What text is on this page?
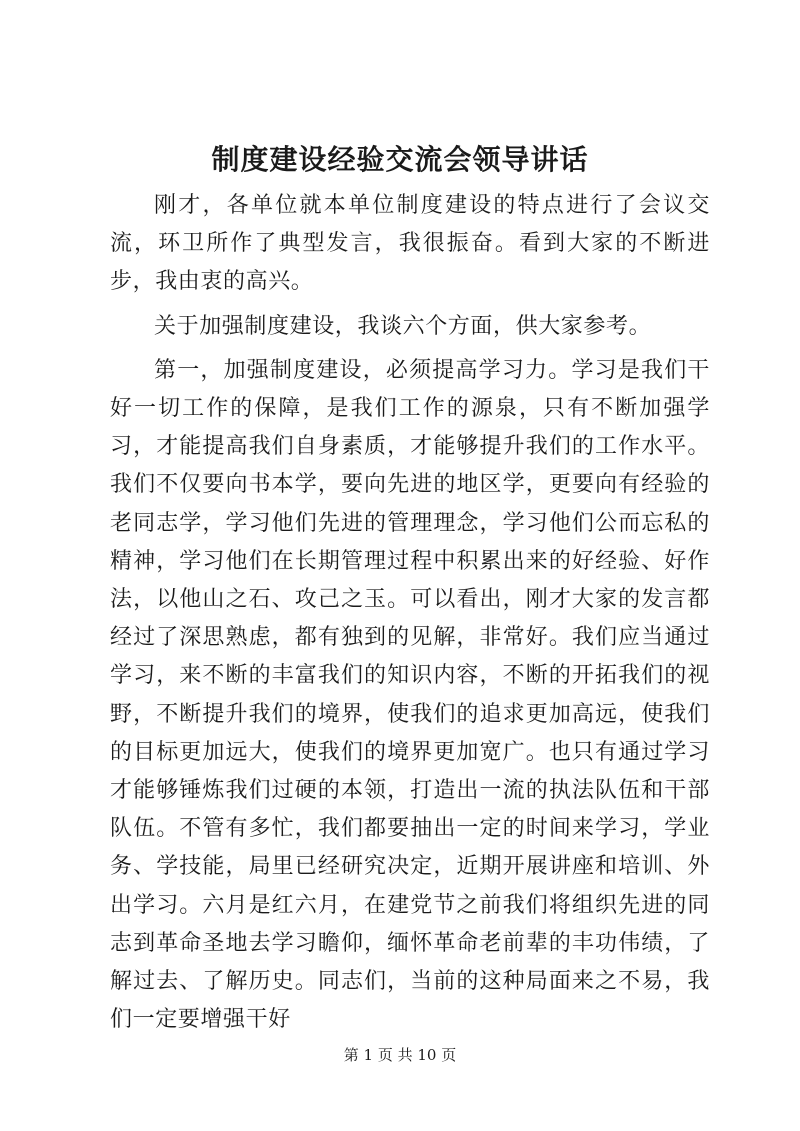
制度建设经验交流会领导讲话

刚才，各单位就本单位制度建设的特点进行了会议交流，环卫所作了典型发言，我很振奋。看到大家的不断进步，我由衷的高兴。

关于加强制度建设，我谈六个方面，供大家参考。

第一，加强制度建设，必须提高学习力。学习是我们干好一切工作的保障，是我们工作的源泉，只有不断加强学习，才能提高我们自身素质，才能够提升我们的工作水平。我们不仅要向书本学，要向先进的地区学，更要向有经验的老同志学，学习他们先进的管理理念，学习他们公而忘私的精神，学习他们在长期管理过程中积累出来的好经验、好作法，以他山之石、攻己之玉。可以看出，刚才大家的发言都经过了深思熟虑，都有独到的见解，非常好。我们应当通过学习，来不断的丰富我们的知识内容，不断的开拓我们的视野，不断提升我们的境界，使我们的追求更加高远，使我们的目标更加远大，使我们的境界更加宽广。也只有通过学习才能够锤炼我们过硬的本领，打造出一流的执法队伍和干部队伍。不管有多忙，我们都要抽出一定的时间来学习，学业务、学技能，局里已经研究决定，近期开展讲座和培训、外出学习。六月是红六月，在建党节之前我们将组织先进的同志到革命圣地去学习瞻仰，缅怀革命老前辈的丰功伟绩，了解过去、了解历史。同志们，当前的这种局面来之不易，我们一定要增强干好

第 1 页 共 10 页
